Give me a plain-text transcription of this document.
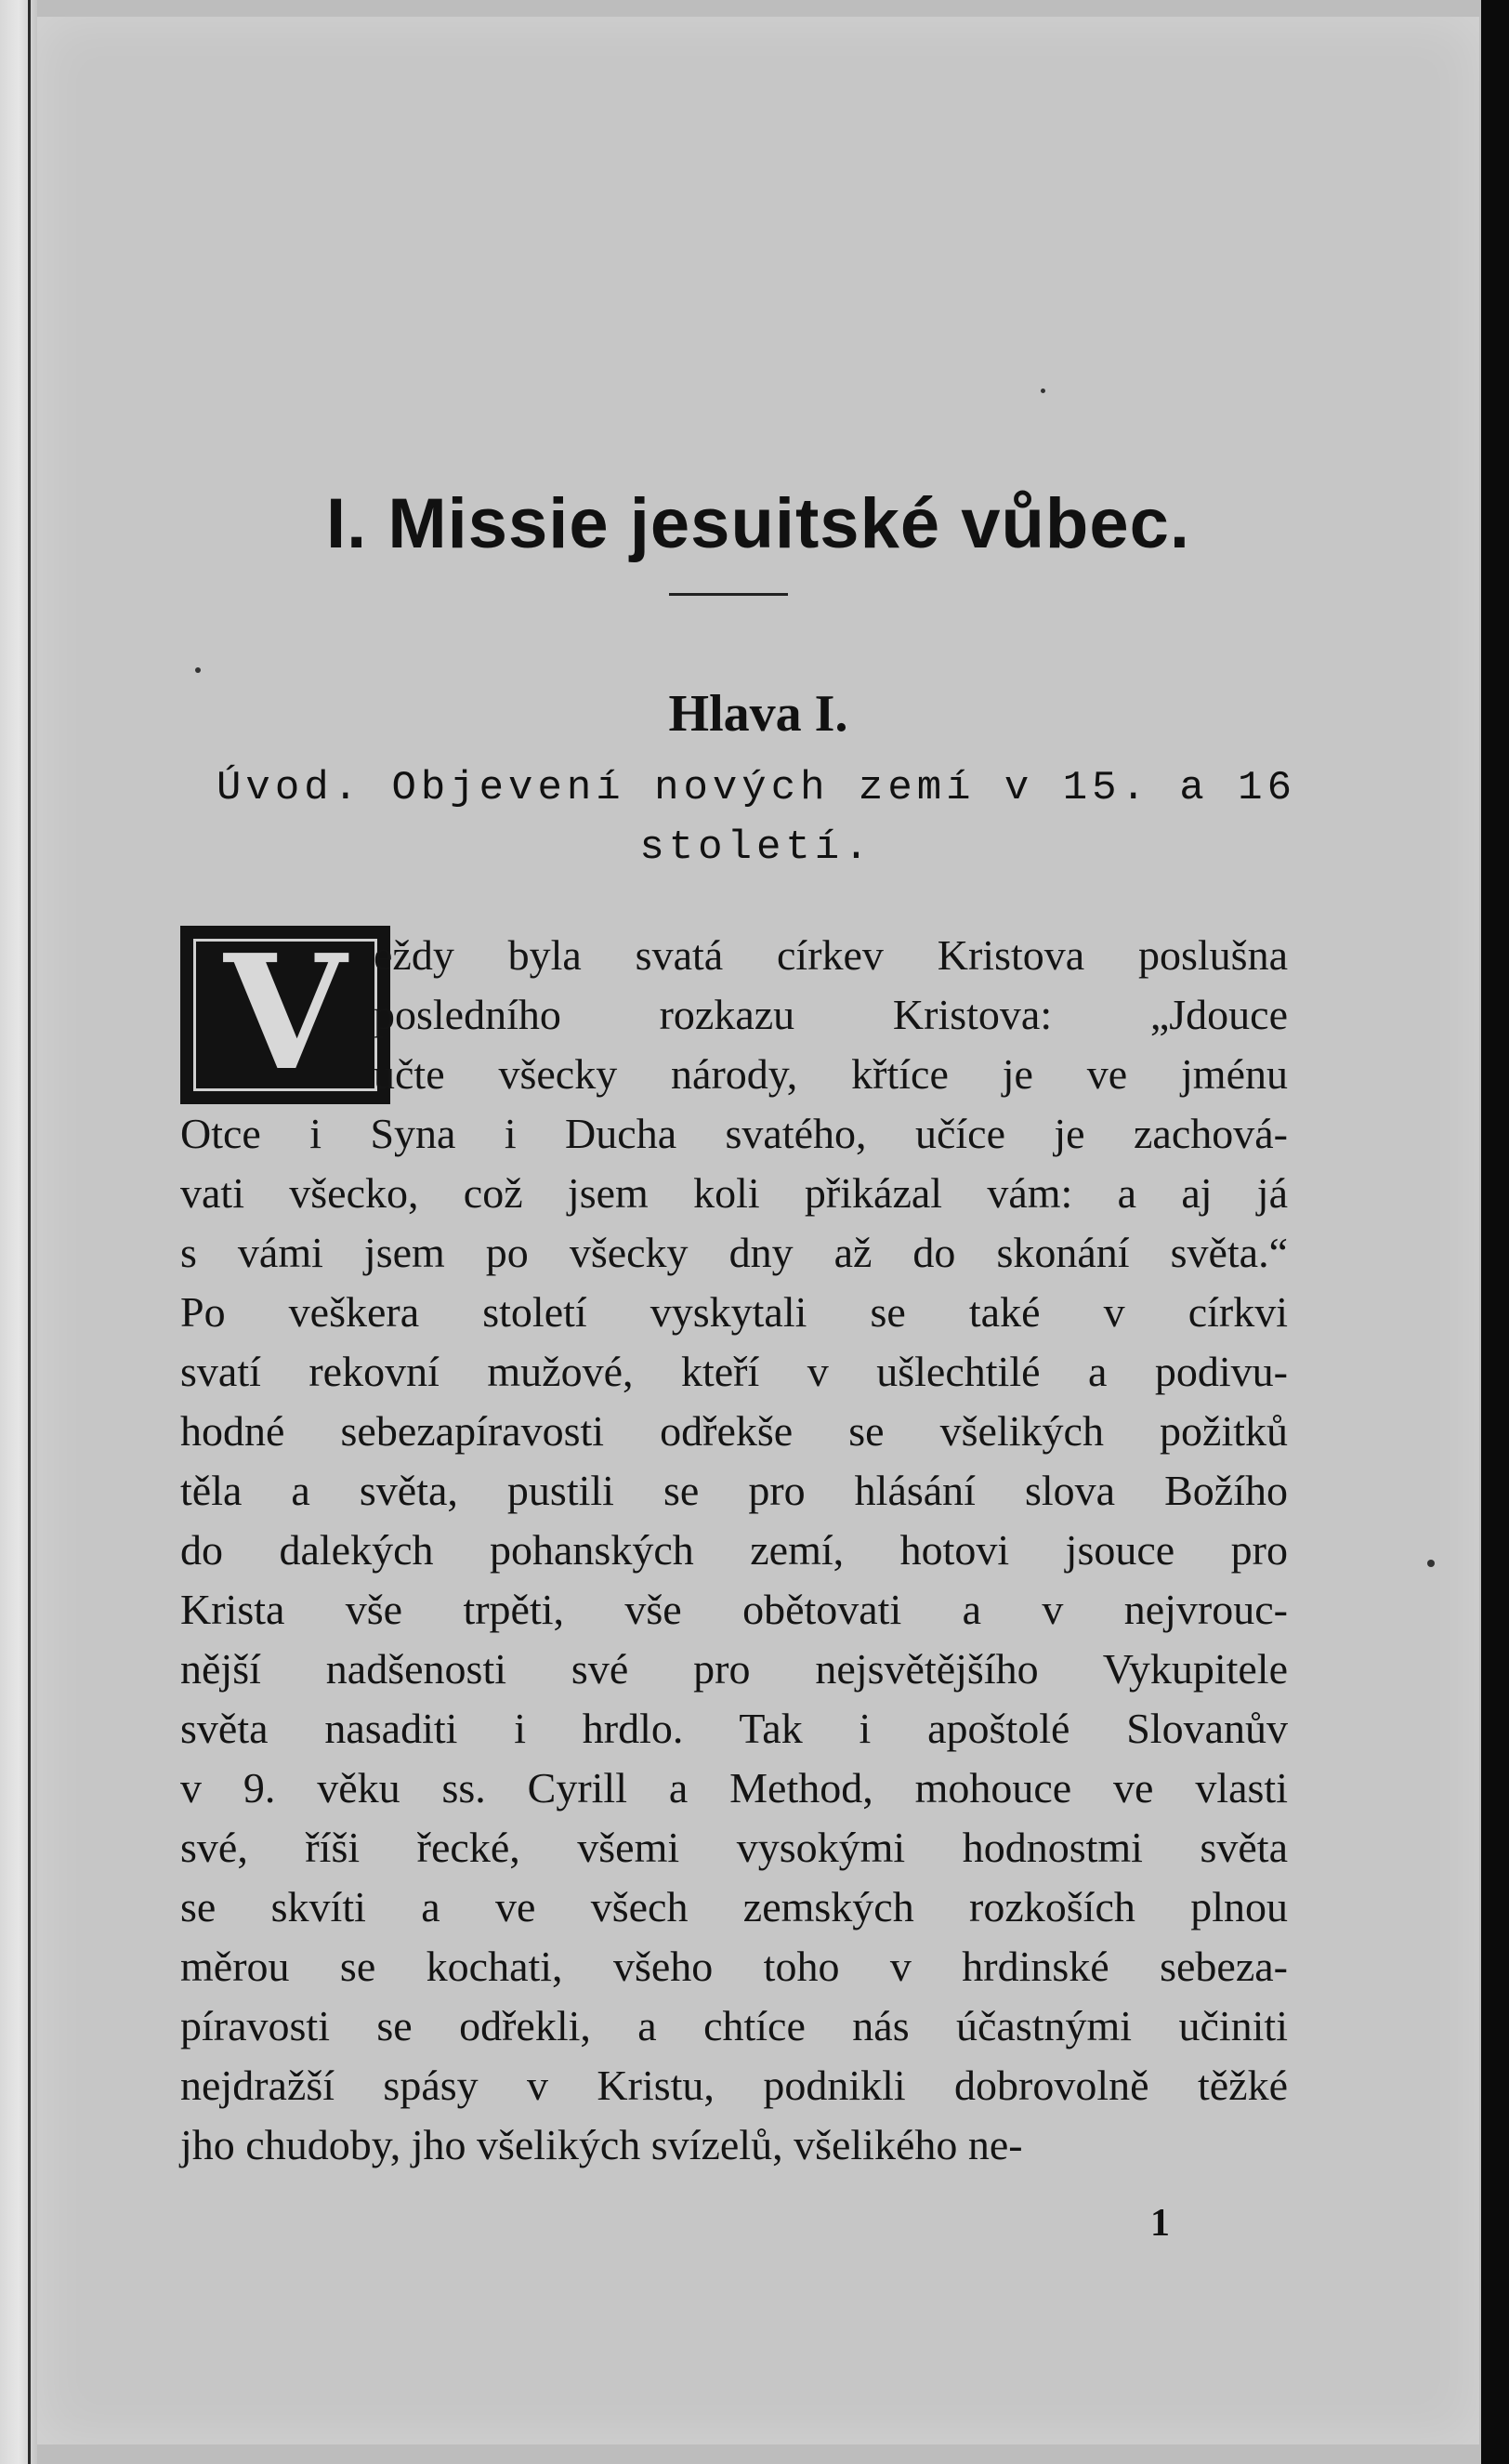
I. Missie jesuitské vůbec.
Hlava I.
Úvod. Objevení nových zemí v 15. a 16
století.
V eždy byla svatá církev Kristova poslušna
posledního rozkazu Kristova: „Jdouce
učte všecky národy, křtíce je ve jménu
Otce i Syna i Ducha svatého, učíce je zachová-
vati všecko, což jsem koli přikázal vám: a aj já
s vámi jsem po všecky dny až do skonání světa.“
Po veškera století vyskytali se také v církvi
svatí rekovní mužové, kteří v ušlechtilé a podivu-
hodné sebezapíravosti odřekše se všelikých požitků
těla a světa, pustili se pro hlásání slova Božího
do dalekých pohanských zemí, hotovi jsouce pro
Krista vše trpěti, vše obětovati a v nejvrouc-
nější nadšenosti své pro nejsvětějšího Vykupitele
světa nasaditi i hrdlo. Tak i apoštolé Slovanův
v 9. věku ss. Cyrill a Method, mohouce ve vlasti
své, říši řecké, všemi vysokými hodnostmi světa
se skvíti a ve všech zemských rozkoších plnou
měrou se kochati, všeho toho v hrdinské sebeza-
píravosti se odřekli, a chtíce nás účastnými učiniti
nejdražší spásy v Kristu, podnikli dobrovolně těžké
jho chudoby, jho všelikých svízelů, všelikého ne-
1
